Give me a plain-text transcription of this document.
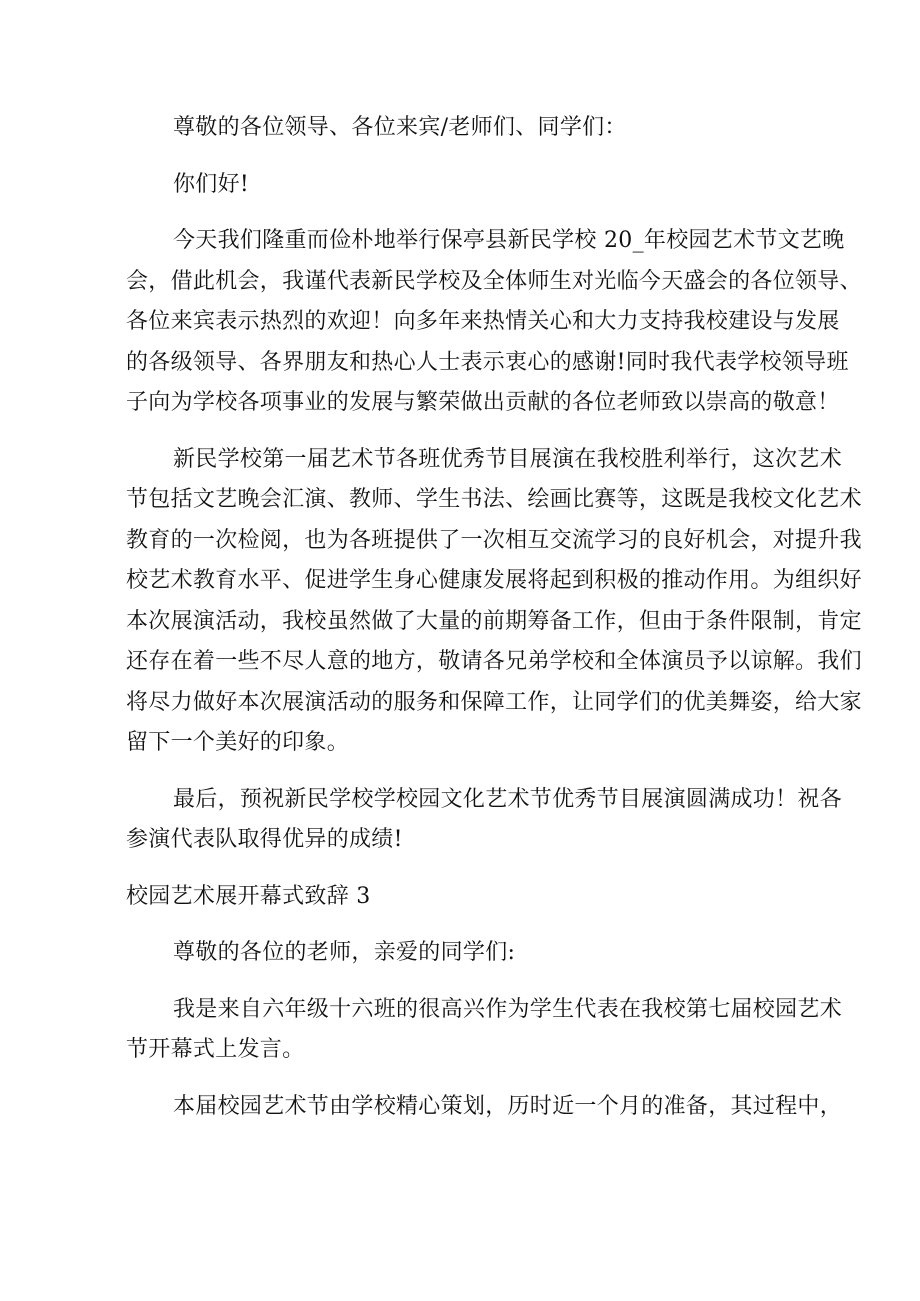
尊敬的各位领导、各位来宾/老师们、同学们：
你们好!
今天我们隆重而俭朴地举行保亭县新民学校 20_年校园艺术节文艺晚
会，借此机会，我谨代表新民学校及全体师生对光临今天盛会的各位领导、
各位来宾表示热烈的欢迎！向多年来热情关心和大力支持我校建设与发展
的各级领导、各界朋友和热心人士表示衷心的感谢!同时我代表学校领导班
子向为学校各项事业的发展与繁荣做出贡献的各位老师致以崇高的敬意！
新民学校第一届艺术节各班优秀节目展演在我校胜利举行，这次艺术
节包括文艺晚会汇演、教师、学生书法、绘画比赛等，这既是我校文化艺术
教育的一次检阅，也为各班提供了一次相互交流学习的良好机会，对提升我
校艺术教育水平、促进学生身心健康发展将起到积极的推动作用。为组织好
本次展演活动，我校虽然做了大量的前期筹备工作，但由于条件限制，肯定
还存在着一些不尽人意的地方，敬请各兄弟学校和全体演员予以谅解。我们
将尽力做好本次展演活动的服务和保障工作，让同学们的优美舞姿，给大家
留下一个美好的印象。
最后，预祝新民学校学校园文化艺术节优秀节目展演圆满成功！祝各
参演代表队取得优异的成绩!
校园艺术展开幕式致辞 3
尊敬的各位的老师，亲爱的同学们:
我是来自六年级十六班的很高兴作为学生代表在我校第七届校园艺术
节开幕式上发言。
本届校园艺术节由学校精心策划，历时近一个月的准备，其过程中，
